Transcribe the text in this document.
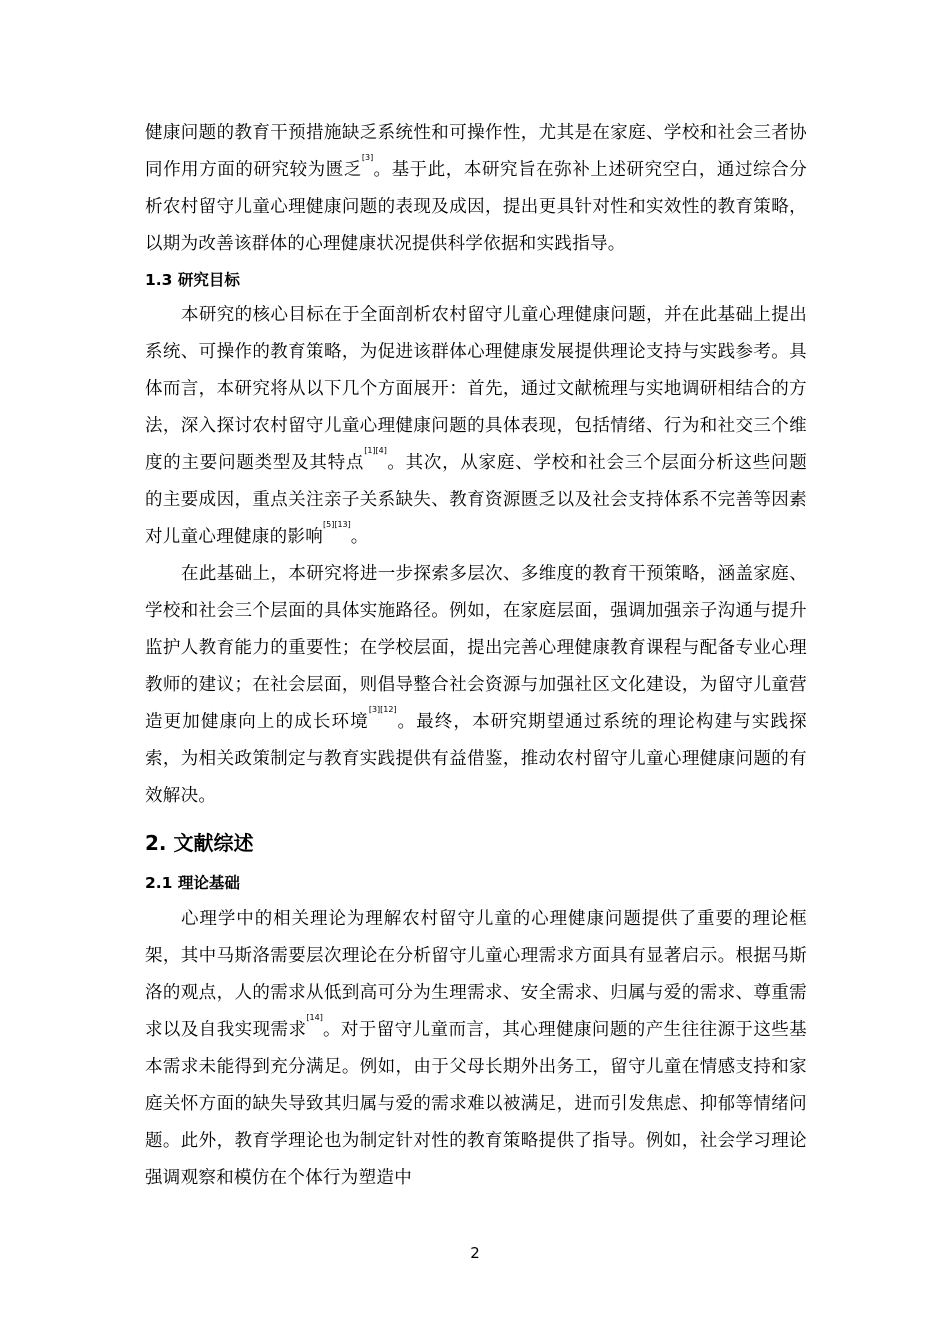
健康问题的教育干预措施缺乏系统性和可操作性，尤其是在家庭、学校和社会三者协同作用方面的研究较为匮乏[3]。基于此，本研究旨在弥补上述研究空白，通过综合分析农村留守儿童心理健康问题的表现及成因，提出更具针对性和实效性的教育策略，以期为改善该群体的心理健康状况提供科学依据和实践指导。

1.3 研究目标

本研究的核心目标在于全面剖析农村留守儿童心理健康问题，并在此基础上提出系统、可操作的教育策略，为促进该群体心理健康发展提供理论支持与实践参考。具体而言，本研究将从以下几个方面展开：首先，通过文献梳理与实地调研相结合的方法，深入探讨农村留守儿童心理健康问题的具体表现，包括情绪、行为和社交三个维度的主要问题类型及其特点[1][4]。其次，从家庭、学校和社会三个层面分析这些问题的主要成因，重点关注亲子关系缺失、教育资源匮乏以及社会支持体系不完善等因素对儿童心理健康的影响[5][13]。

在此基础上，本研究将进一步探索多层次、多维度的教育干预策略，涵盖家庭、学校和社会三个层面的具体实施路径。例如，在家庭层面，强调加强亲子沟通与提升监护人教育能力的重要性；在学校层面，提出完善心理健康教育课程与配备专业心理教师的建议；在社会层面，则倡导整合社会资源与加强社区文化建设，为留守儿童营造更加健康向上的成长环境[3][12]。最终，本研究期望通过系统的理论构建与实践探索，为相关政策制定与教育实践提供有益借鉴，推动农村留守儿童心理健康问题的有效解决。

2. 文献综述

2.1 理论基础

心理学中的相关理论为理解农村留守儿童的心理健康问题提供了重要的理论框架，其中马斯洛需要层次理论在分析留守儿童心理需求方面具有显著启示。根据马斯洛的观点，人的需求从低到高可分为生理需求、安全需求、归属与爱的需求、尊重需求以及自我实现需求[14]。对于留守儿童而言，其心理健康问题的产生往往源于这些基本需求未能得到充分满足。例如，由于父母长期外出务工，留守儿童在情感支持和家庭关怀方面的缺失导致其归属与爱的需求难以被满足，进而引发焦虑、抑郁等情绪问题。此外，教育学理论也为制定针对性的教育策略提供了指导。例如，社会学习理论强调观察和模仿在个体行为塑造中

2
